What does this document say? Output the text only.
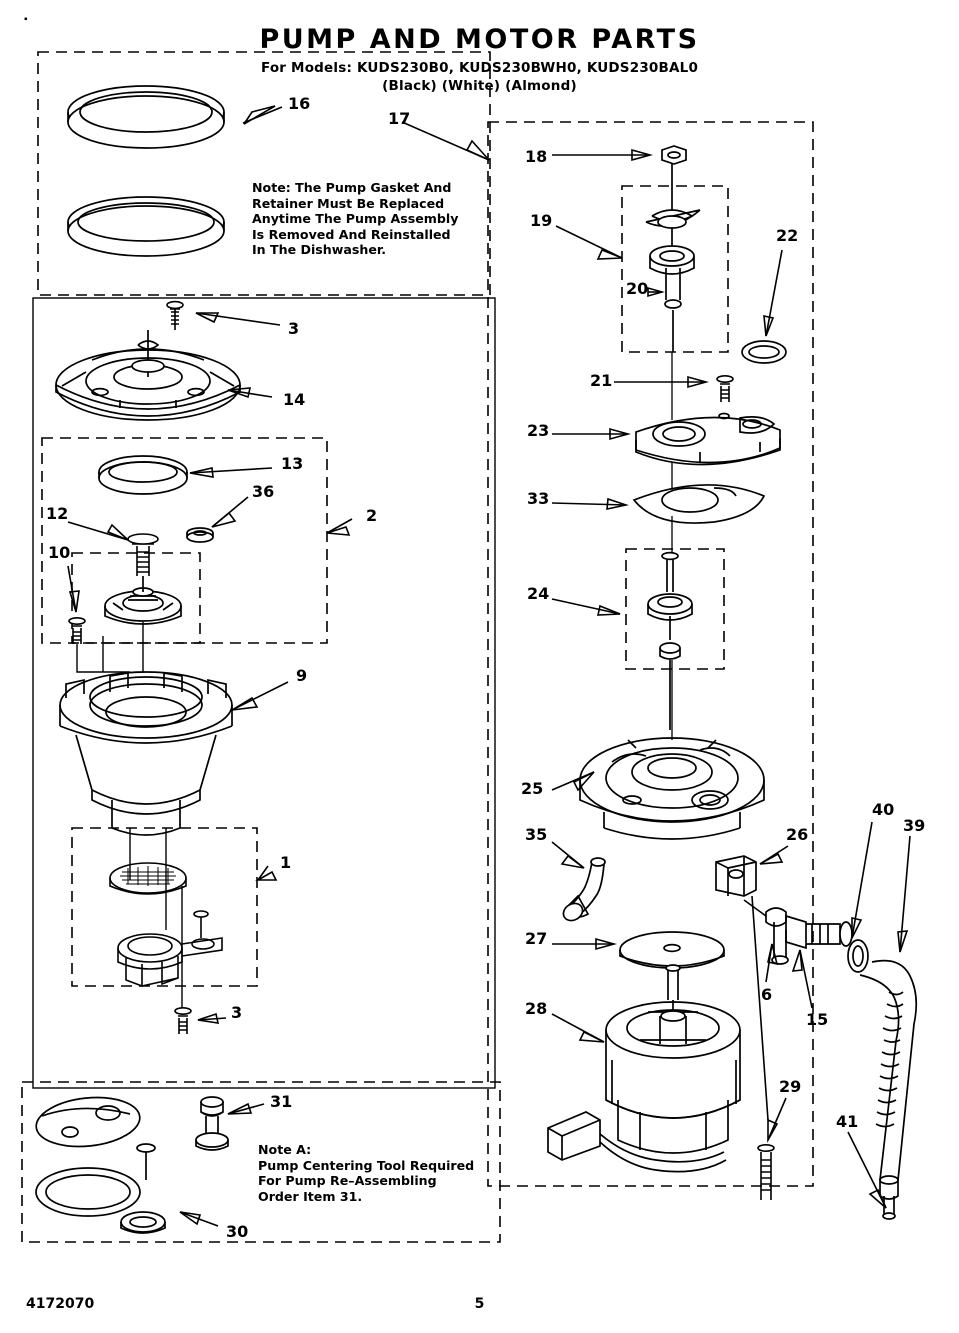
▪
PUMP AND MOTOR PARTS
For Models: KUDS230B0, KUDS230BWH0, KUDS230BAL0
(Black) (White) (Almond)
Note: The Pump Gasket And
Retainer Must Be Replaced
Anytime The Pump Assembly
Is Removed And Reinstalled
In The Dishwasher.
Note A:
Pump Centering Tool Required
For Pump Re–Assembling
Order Item 31.
16
17
18
19
20
22
3
14
21
23
13
36
12	2
33
10
24
9
25
40
39
26
35
1
6
15
27
28
3
29
41
31
30
4172070	5
